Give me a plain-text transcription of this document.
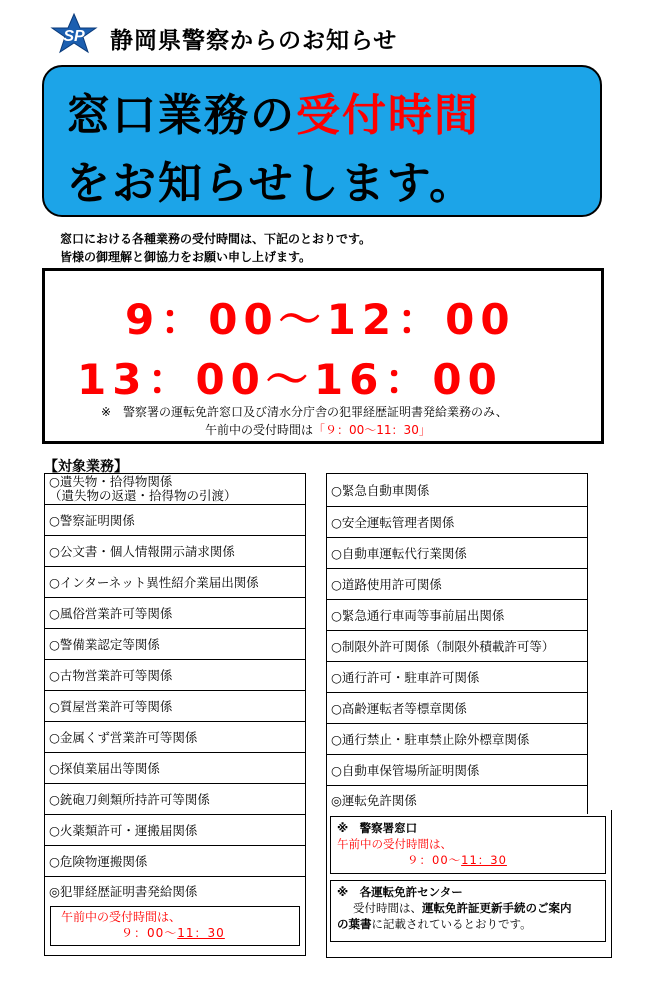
SP 静岡県警察からのお知らせ
窓口業務の受付時間
をお知らせします。
窓口における各種業務の受付時間は、下記のとおりです。
皆様の御理解と御協力をお願い申し上げます。
9：00～12：00
13：00～16：00
※　警察署の運転免許窓口及び清水分庁舎の犯罪経歴証明書発給業務のみ、
午前中の受付時間は「９：00～11：30」
【対象業務】
○遺失物・拾得物関係
（遺失物の返還・拾得物の引渡）
○警察証明関係
○公文書・個人情報開示請求関係
○インターネット異性紹介業届出関係
○風俗営業許可等関係
○警備業認定等関係
○古物営業許可等関係
○質屋営業許可等関係
○金属くず営業許可等関係
○探偵業届出等関係
○銃砲刀剣類所持許可等関係
○火薬類許可・運搬届関係
○危険物運搬関係
◎犯罪経歴証明書発給関係
午前中の受付時間は、
９：00～11：30
○緊急自動車関係
○安全運転管理者関係
○自動車運転代行業関係
○道路使用許可関係
○緊急通行車両等事前届出関係
○制限外許可関係（制限外積載許可等）
○通行許可・駐車許可関係
○高齢運転者等標章関係
○通行禁止・駐車禁止除外標章関係
○自動車保管場所証明関係
◎運転免許関係
※　警察署窓口
午前中の受付時間は、
９：00～11：30
※　各運転免許センター
受付時間は、運転免許証更新手続のご案内
の葉書に記載されているとおりです。
